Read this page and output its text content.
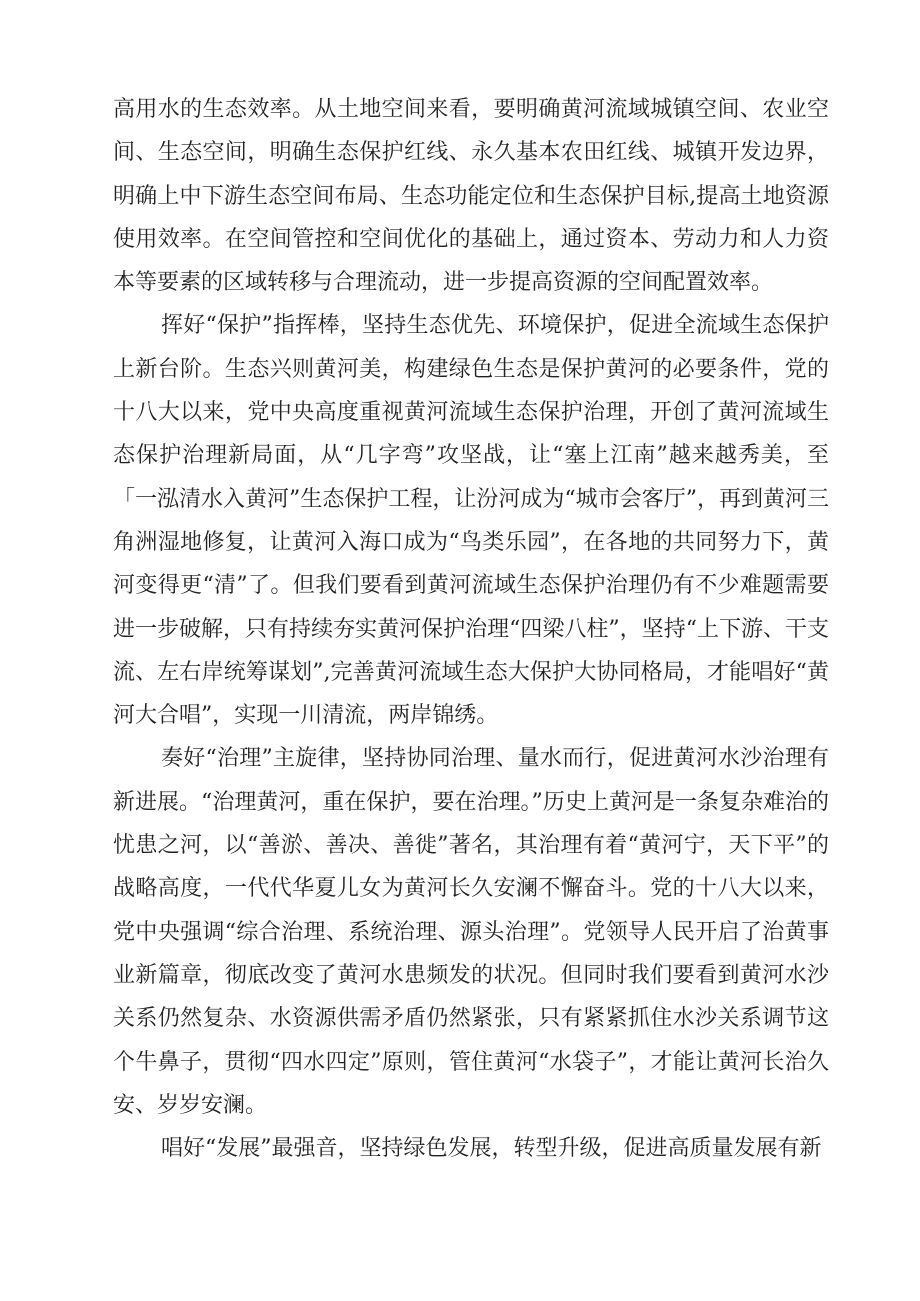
高用水的生态效率。从土地空间来看，要明确黄河流域城镇空间、农业空间、生态空间，明确生态保护红线、永久基本农田红线、城镇开发边界，明确上中下游生态空间布局、生态功能定位和生态保护目标,提高土地资源使用效率。在空间管控和空间优化的基础上，通过资本、劳动力和人力资本等要素的区域转移与合理流动，进一步提高资源的空间配置效率。

挥好“保护”指挥棒，坚持生态优先、环境保护，促进全流域生态保护上新台阶。生态兴则黄河美，构建绿色生态是保护黄河的必要条件，党的十八大以来，党中央高度重视黄河流域生态保护治理，开创了黄河流域生态保护治理新局面，从“几字弯”攻坚战，让“塞上江南”越来越秀美，至「一泓清水入黄河”生态保护工程，让汾河成为“城市会客厅”，再到黄河三角洲湿地修复，让黄河入海口成为“鸟类乐园”，在各地的共同努力下，黄河变得更“清”了。但我们要看到黄河流域生态保护治理仍有不少难题需要进一步破解，只有持续夯实黄河保护治理“四梁八柱”，坚持“上下游、干支流、左右岸统筹谋划”,完善黄河流域生态大保护大协同格局，才能唱好“黄河大合唱”，实现一川清流，两岸锦绣。

奏好“治理”主旋律，坚持协同治理、量水而行，促进黄河水沙治理有新进展。“治理黄河，重在保护，要在治理。”历史上黄河是一条复杂难治的忧患之河，以“善淤、善决、善徙”著名，其治理有着“黄河宁，天下平”的战略高度，一代代华夏儿女为黄河长久安澜不懈奋斗。党的十八大以来，党中央强调“综合治理、系统治理、源头治理”。党领导人民开启了治黄事业新篇章，彻底改变了黄河水患频发的状况。但同时我们要看到黄河水沙关系仍然复杂、水资源供需矛盾仍然紧张，只有紧紧抓住水沙关系调节这个牛鼻子，贯彻“四水四定”原则，管住黄河“水袋子”，才能让黄河长治久安、岁岁安澜。

唱好“发展”最强音，坚持绿色发展，转型升级，促进高质量发展有新
